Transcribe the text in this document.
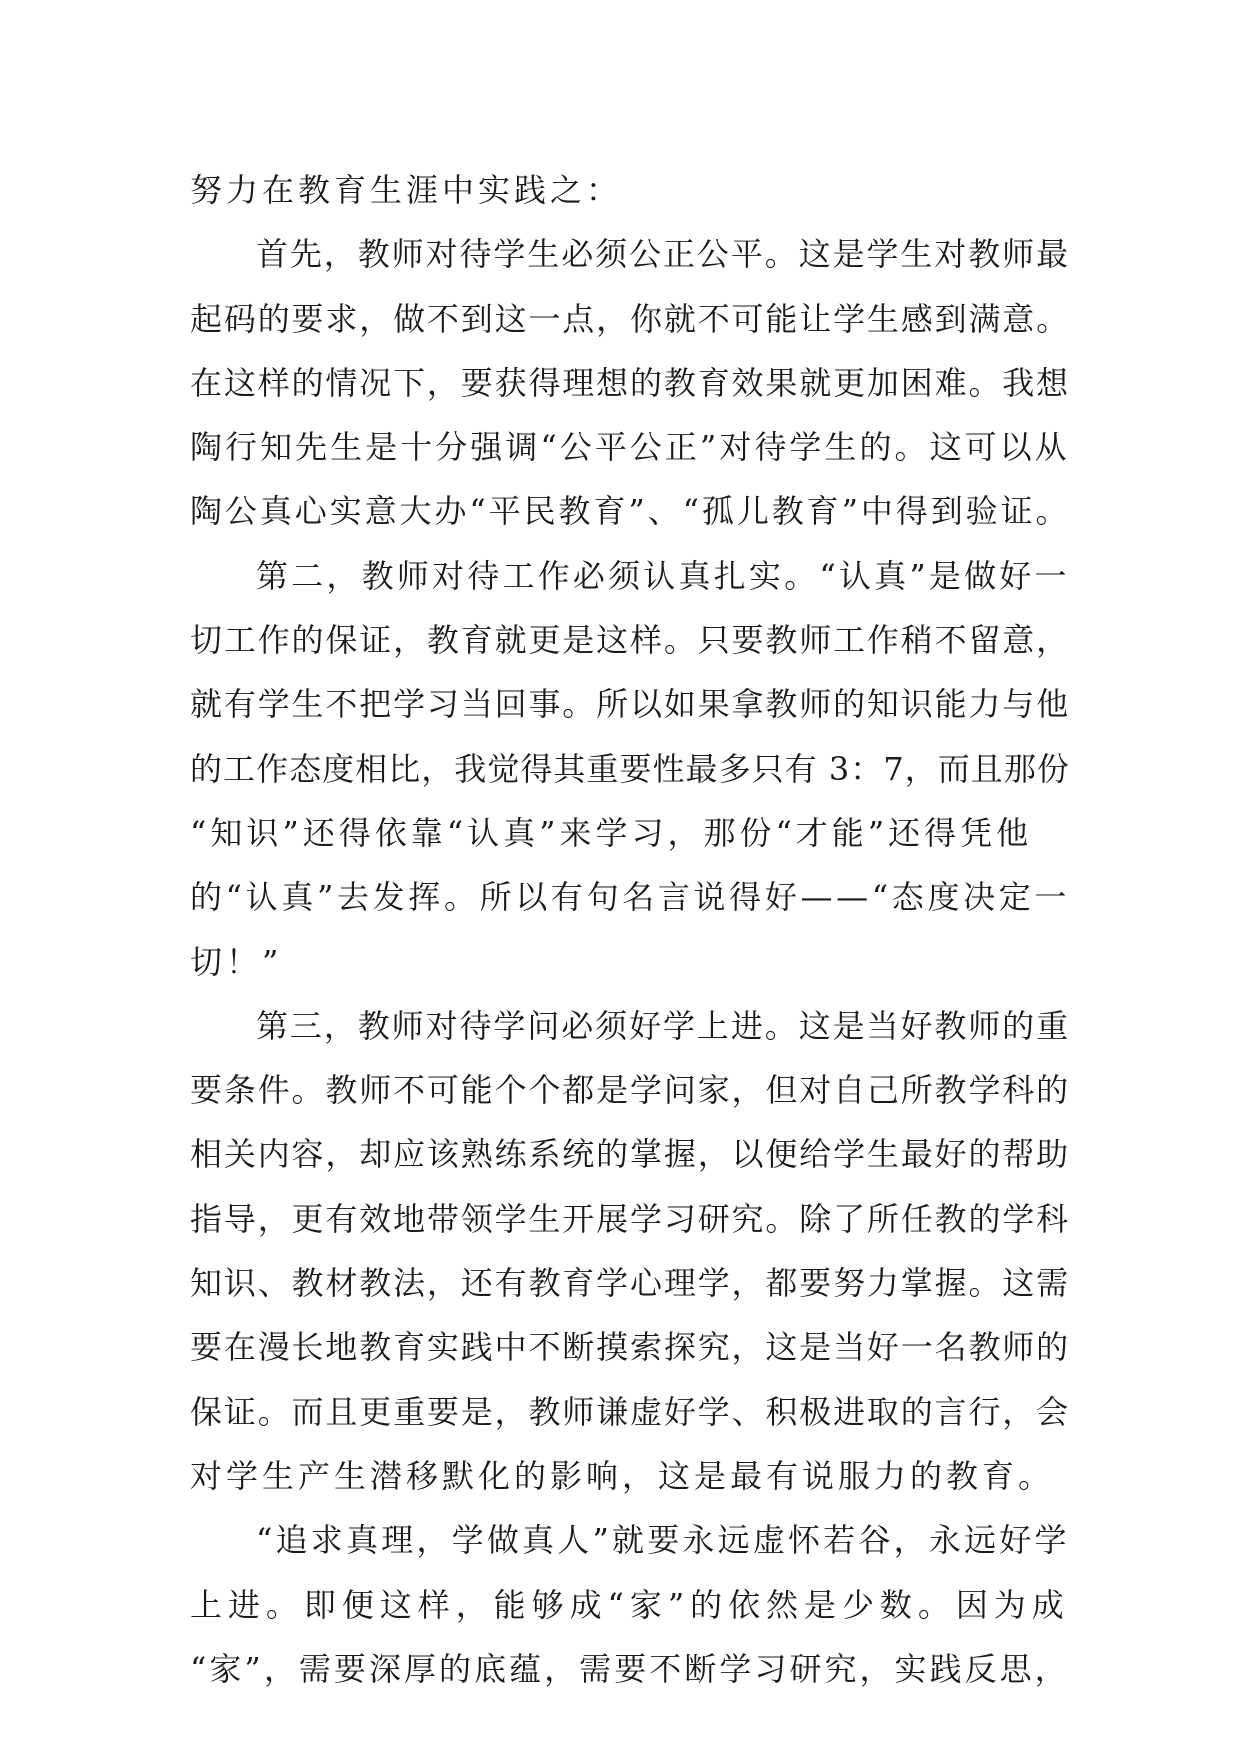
努力在教育生涯中实践之：
首先，教师对待学生必须公正公平。这是学生对教师最
起码的要求，做不到这一点，你就不可能让学生感到满意。
在这样的情况下，要获得理想的教育效果就更加困难。我想
陶行知先生是十分强调“公平公正”对待学生的。这可以从
陶公真心实意大办“平民教育”、“孤儿教育”中得到验证。
第二，教师对待工作必须认真扎实。“认真”是做好一
切工作的保证，教育就更是这样。只要教师工作稍不留意，
就有学生不把学习当回事。所以如果拿教师的知识能力与他
的工作态度相比，我觉得其重要性最多只有 3：7，而且那份
“知识”还得依靠“认真”来学习，那份“才能”还得凭他
的“认真”去发挥。所以有句名言说得好——“态度决定一
切！”
第三，教师对待学问必须好学上进。这是当好教师的重
要条件。教师不可能个个都是学问家，但对自己所教学科的
相关内容，却应该熟练系统的掌握，以便给学生最好的帮助
指导，更有效地带领学生开展学习研究。除了所任教的学科
知识、教材教法，还有教育学心理学，都要努力掌握。这需
要在漫长地教育实践中不断摸索探究，这是当好一名教师的
保证。而且更重要是，教师谦虚好学、积极进取的言行，会
对学生产生潜移默化的影响，这是最有说服力的教育。
“追求真理，学做真人”就要永远虚怀若谷，永远好学
上进。即便这样，能够成“家”的依然是少数。因为成
“家”，需要深厚的底蕴，需要不断学习研究，实践反思，
